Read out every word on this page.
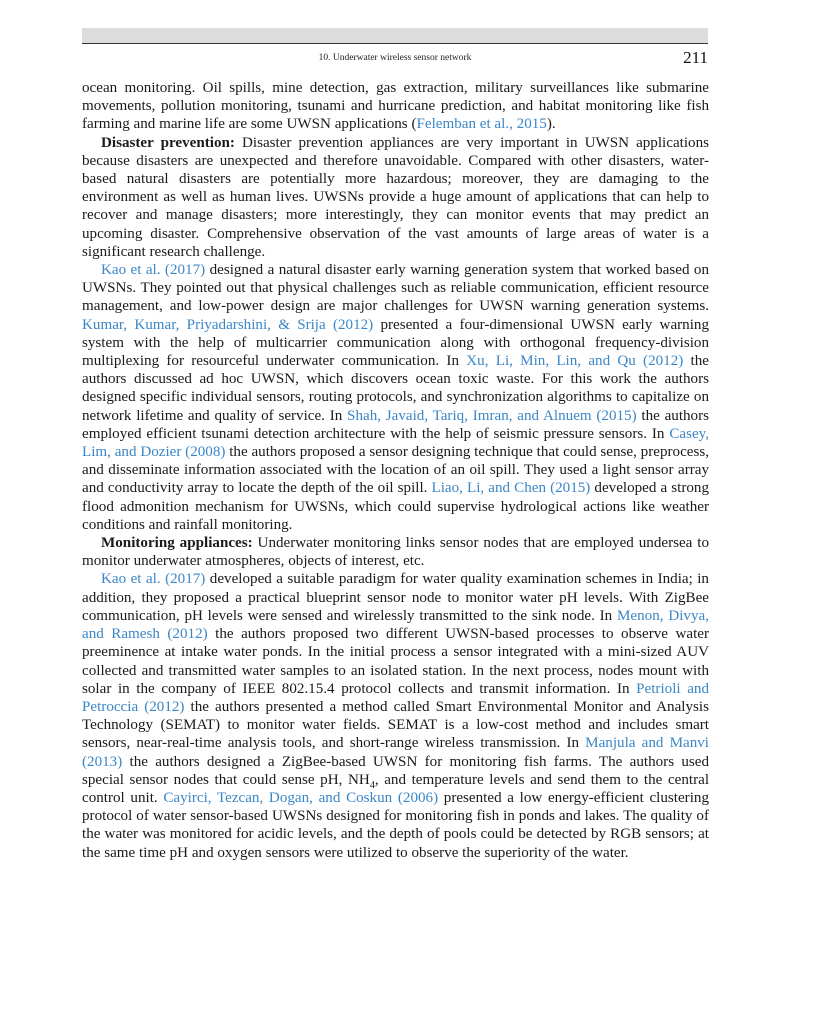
10. Underwater wireless sensor network	211

ocean monitoring. Oil spills, mine detection, gas extraction, military surveillances like submarine movements, pollution monitoring, tsunami and hurricane prediction, and habitat monitoring like fish farming and marine life are some UWSN applications (Felemban et al., 2015).

Disaster prevention: Disaster prevention appliances are very important in UWSN applications because disasters are unexpected and therefore unavoidable. Compared with other disasters, water-based natural disasters are potentially more hazardous; moreover, they are damaging to the environment as well as human lives. UWSNs provide a huge amount of applications that can help to recover and manage disasters; more interestingly, they can monitor events that may predict an upcoming disaster. Comprehensive observation of the vast amounts of large areas of water is a significant research challenge.

Kao et al. (2017) designed a natural disaster early warning generation system that worked based on UWSNs. They pointed out that physical challenges such as reliable communication, efficient resource management, and low-power design are major challenges for UWSN warning generation systems. Kumar, Kumar, Priyadarshini, & Srija (2012) presented a four-dimensional UWSN early warning system with the help of multicarrier communication along with orthogonal frequency-division multiplexing for resourceful underwater communication. In Xu, Li, Min, Lin, and Qu (2012) the authors discussed ad hoc UWSN, which discovers ocean toxic waste. For this work the authors designed specific individual sensors, routing protocols, and synchronization algorithms to capitalize on network lifetime and quality of service. In Shah, Javaid, Tariq, Imran, and Alnuem (2015) the authors employed efficient tsunami detection architecture with the help of seismic pressure sensors. In Casey, Lim, and Dozier (2008) the authors proposed a sensor designing technique that could sense, preprocess, and disseminate information associated with the location of an oil spill. They used a light sensor array and conductivity array to locate the depth of the oil spill. Liao, Li, and Chen (2015) developed a strong flood admonition mechanism for UWSNs, which could supervise hydrological actions like weather conditions and rainfall monitoring.

Monitoring appliances: Underwater monitoring links sensor nodes that are employed undersea to monitor underwater atmospheres, objects of interest, etc.

Kao et al. (2017) developed a suitable paradigm for water quality examination schemes in India; in addition, they proposed a practical blueprint sensor node to monitor water pH levels. With ZigBee communication, pH levels were sensed and wirelessly transmitted to the sink node. In Menon, Divya, and Ramesh (2012) the authors proposed two different UWSN-based processes to observe water preeminence at intake water ponds. In the initial process a sensor integrated with a mini-sized AUV collected and transmitted water samples to an isolated station. In the next process, nodes mount with solar in the company of IEEE 802.15.4 protocol collects and transmit information. In Petrioli and Petroccia (2012) the authors presented a method called Smart Environmental Monitor and Analysis Technology (SEMAT) to monitor water fields. SEMAT is a low-cost method and includes smart sensors, near-real-time analysis tools, and short-range wireless transmission. In Manjula and Manvi (2013) the authors designed a ZigBee-based UWSN for monitoring fish farms. The authors used special sensor nodes that could sense pH, $NH_4$, and temperature levels and send them to the central control unit. Cayirci, Tezcan, Dogan, and Coskun (2006) presented a low energy-efficient clustering protocol of water sensor-based UWSNs designed for monitoring fish in ponds and lakes. The quality of the water was monitored for acidic levels, and the depth of pools could be detected by RGB sensors; at the same time pH and oxygen sensors were utilized to observe the superiority of the water.
